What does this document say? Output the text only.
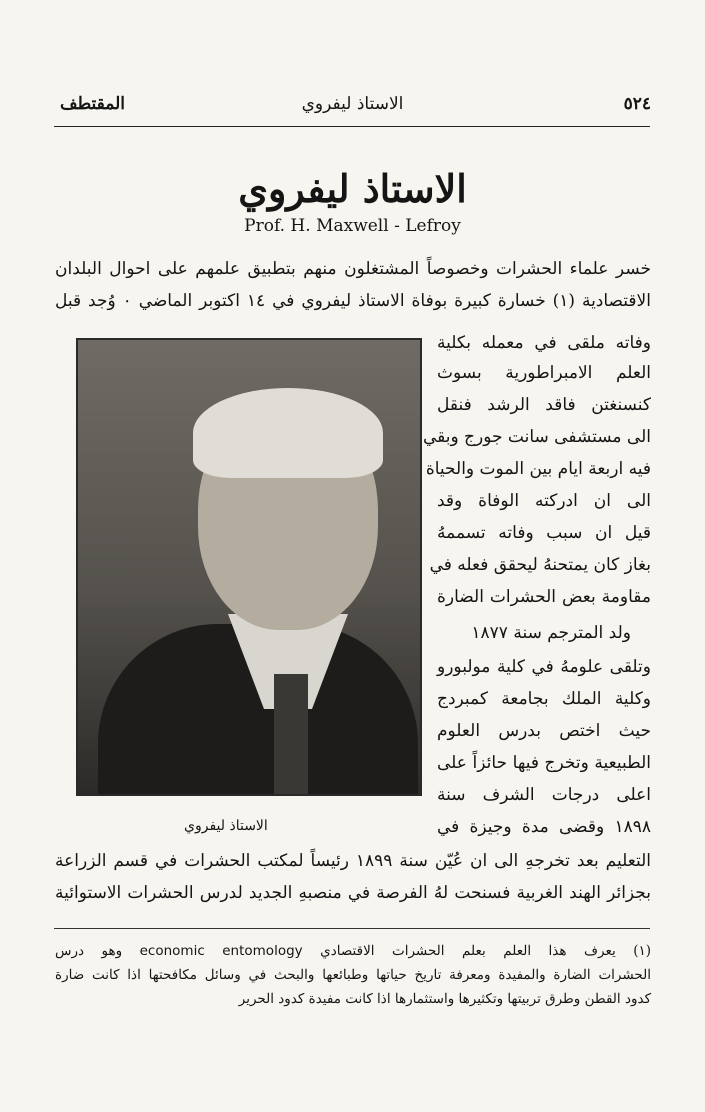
٥٢٤
الاستاذ ليفروي
المقتطف
الاستاذ ليفروي
Prof. H. Maxwell - Lefroy
خسر علماء الحشرات وخصوصاً المشتغلون منهم بتطبيق علمهم على احوال البلدان
الاقتصادية (١) خسارة كبيرة بوفاة الاستاذ ليفروي في ١٤ اكتوبر الماضي ٠ وُجد قبل
وفاته ملقى في معمله بكلية
العلم الامبراطورية بسوث
كنسنغتن فاقد الرشد فنقل
الى مستشفى سانت جورج وبقي
فيه اربعة ايام بين الموت والحياة
الى ان ادركته الوفاة وقد
قيل ان سبب وفاته تسممهُ
بغاز كان يمتحنهُ ليحقق فعله في
مقاومة بعض الحشرات الضارة
ولد المترجم سنة ١٨٧٧
وتلقى علومهُ في كلية مولبورو
وكلية الملك بجامعة كمبردج
حيث اختص بدرس العلوم
الطبيعية وتخرج فيها حائزاً على
اعلى درجات الشرف سنة
١٨٩٨ وقضى مدة وجيزة في
الاستاذ ليفروي
التعليم بعد تخرجهِ الى ان عُيّن سنة ١٨٩٩ رئيساً لمكتب الحشرات في قسم الزراعة
بجزائر الهند الغربية فسنحت لهُ الفرصة في منصبهِ الجديد لدرس الحشرات الاستوائية
(١) يعرف هذا العلم بعلم الحشرات الاقتصادي economic entomology وهو درس
الحشرات الضارة والمفيدة ومعرفة تاريخ حياتها وطبائعها والبحث في وسائل مكافحتها اذا كانت ضارة
كدود القطن وطرق تربيتها وتكثيرها واستثمارها اذا كانت مفيدة كدود الحرير
